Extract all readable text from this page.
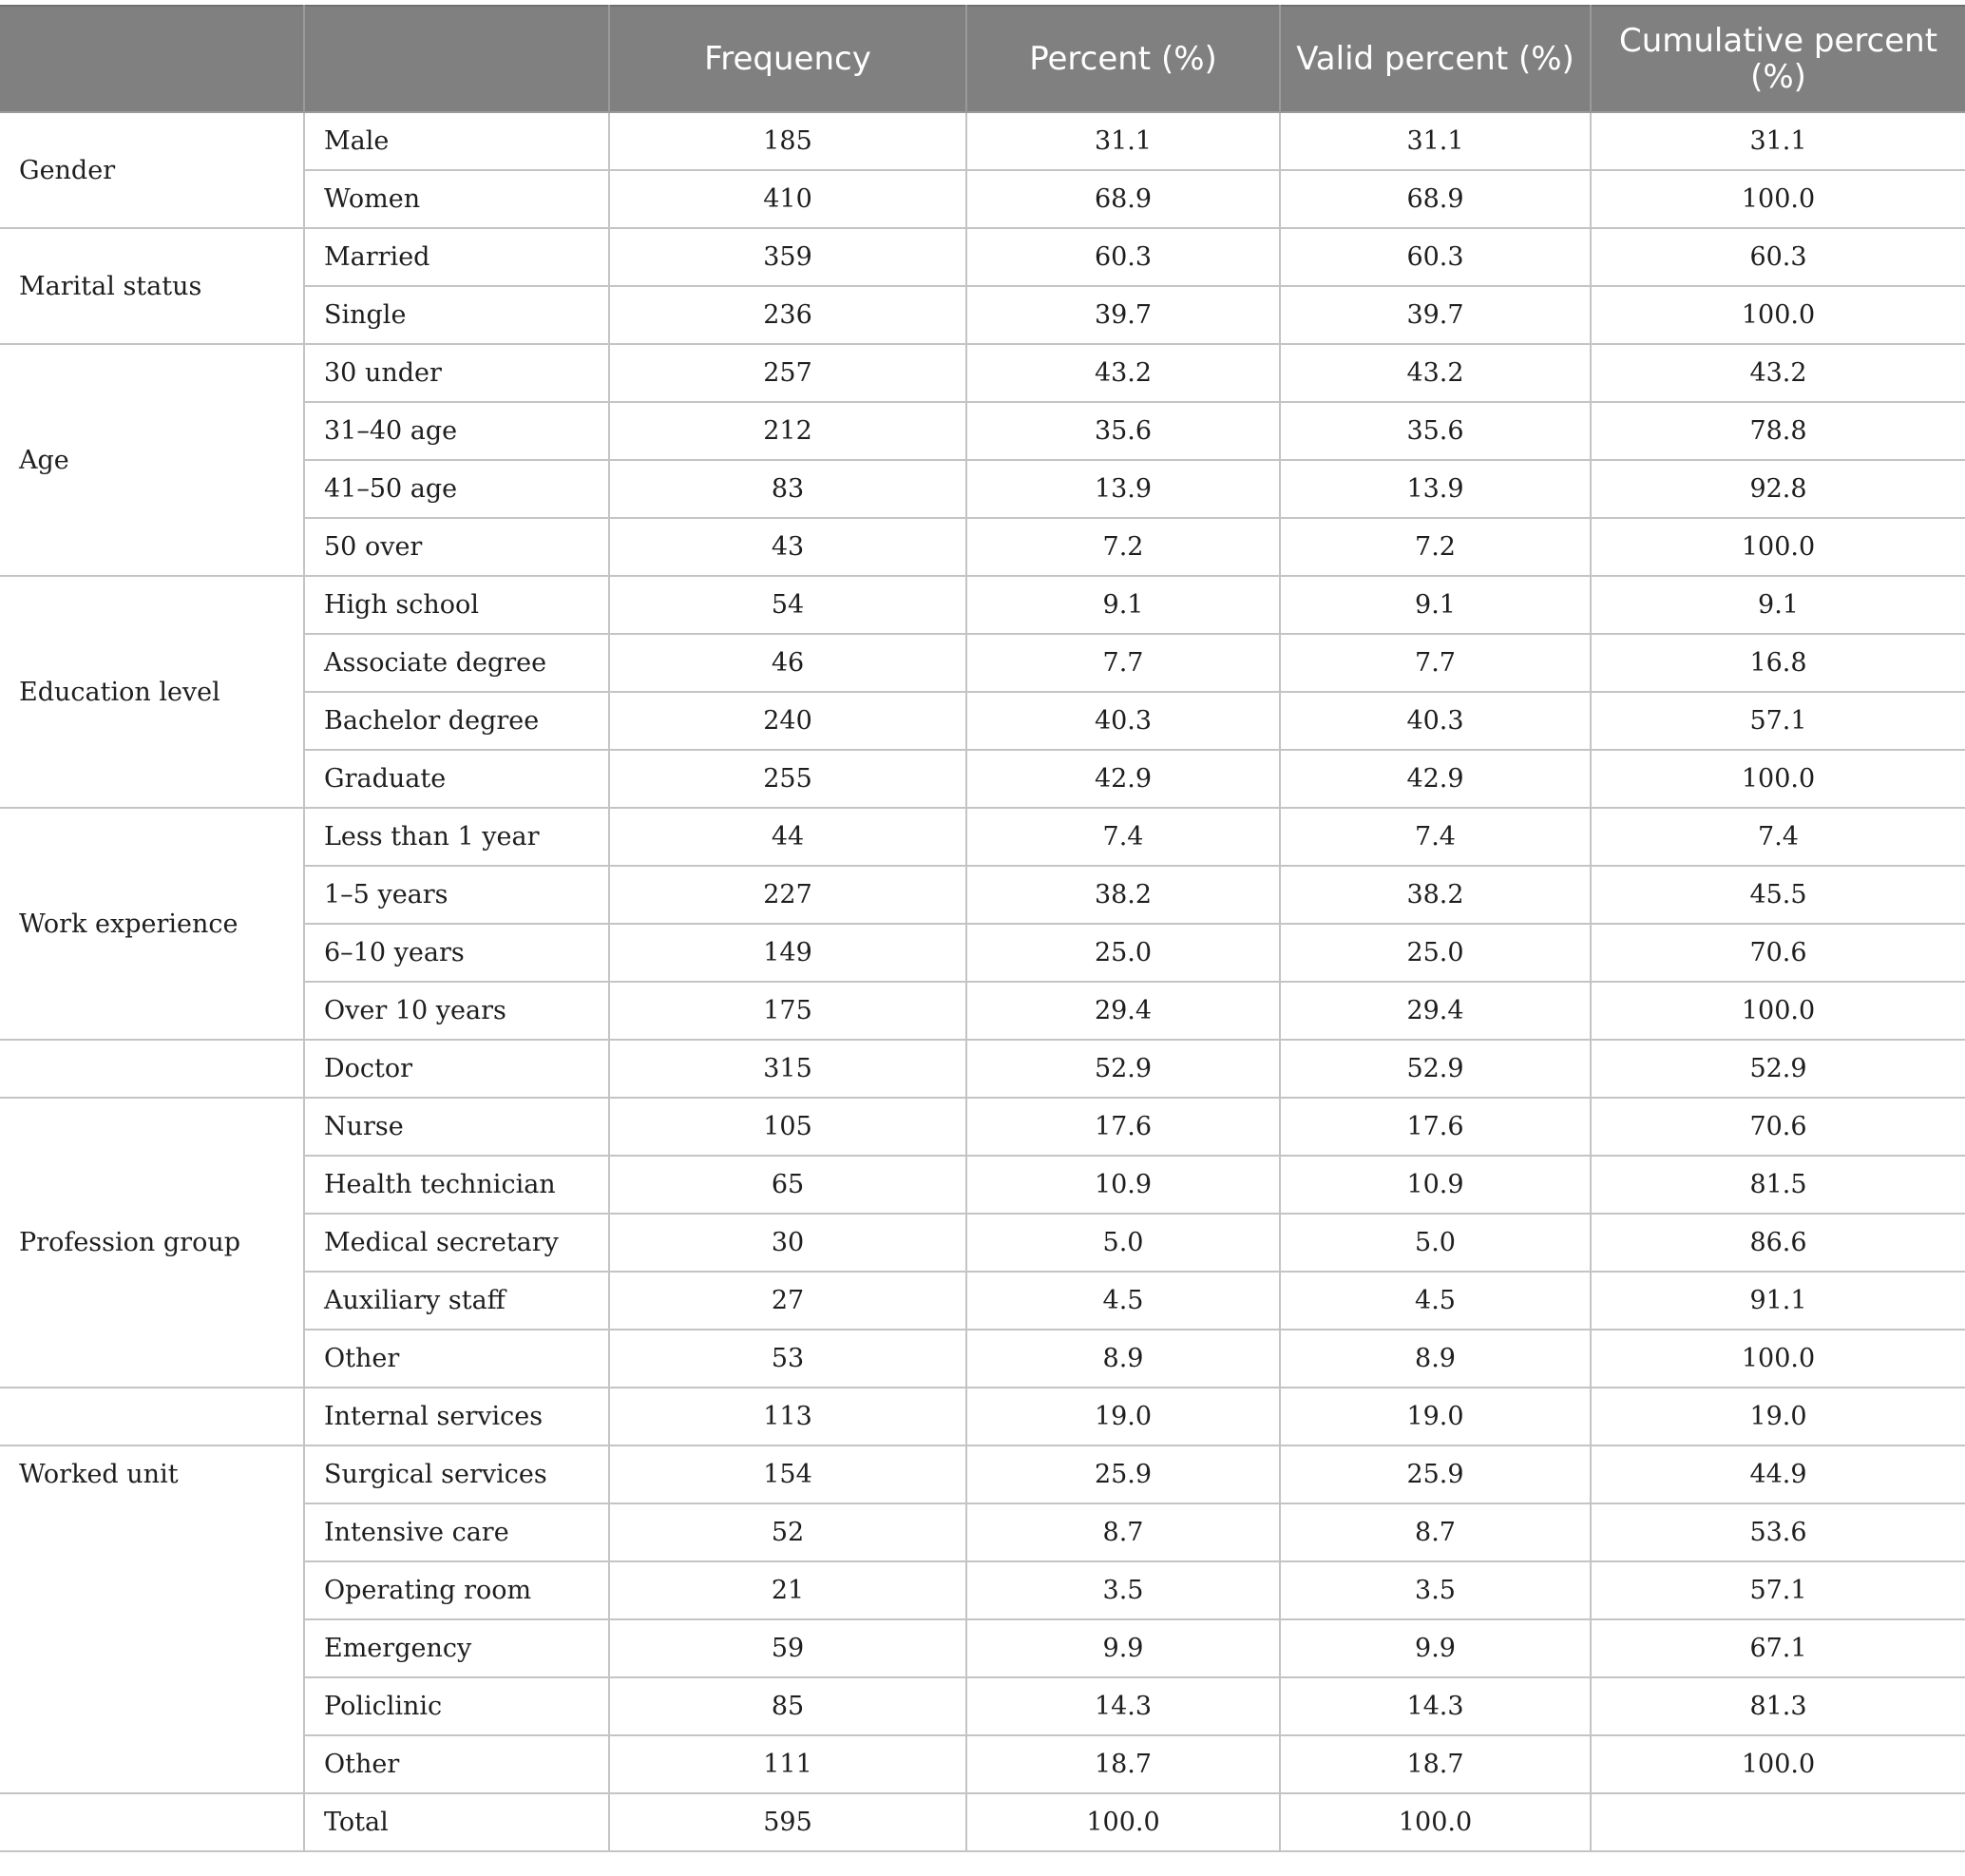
		Frequency	Percent (%)	Valid percent (%)	Cumulative percent (%)
Gender	Male	185	31.1	31.1	31.1
	Women	410	68.9	68.9	100.0
Marital status	Married	359	60.3	60.3	60.3
	Single	236	39.7	39.7	100.0
Age	30 under	257	43.2	43.2	43.2
	31–40 age	212	35.6	35.6	78.8
	41–50 age	83	13.9	13.9	92.8
	50 over	43	7.2	7.2	100.0
Education level	High school	54	9.1	9.1	9.1
	Associate degree	46	7.7	7.7	16.8
	Bachelor degree	240	40.3	40.3	57.1
	Graduate	255	42.9	42.9	100.0
Work experience	Less than 1 year	44	7.4	7.4	7.4
	1–5 years	227	38.2	38.2	45.5
	6–10 years	149	25.0	25.0	70.6
	Over 10 years	175	29.4	29.4	100.0
	Doctor	315	52.9	52.9	52.9
Profession group	Nurse	105	17.6	17.6	70.6
	Health technician	65	10.9	10.9	81.5
	Medical secretary	30	5.0	5.0	86.6
	Auxiliary staff	27	4.5	4.5	91.1
	Other	53	8.9	8.9	100.0
	Internal services	113	19.0	19.0	19.0
Worked unit	Surgical services	154	25.9	25.9	44.9
	Intensive care	52	8.7	8.7	53.6
	Operating room	21	3.5	3.5	57.1
	Emergency	59	9.9	9.9	67.1
	Policlinic	85	14.3	14.3	81.3
	Other	111	18.7	18.7	100.0
	Total	595	100.0	100.0	
